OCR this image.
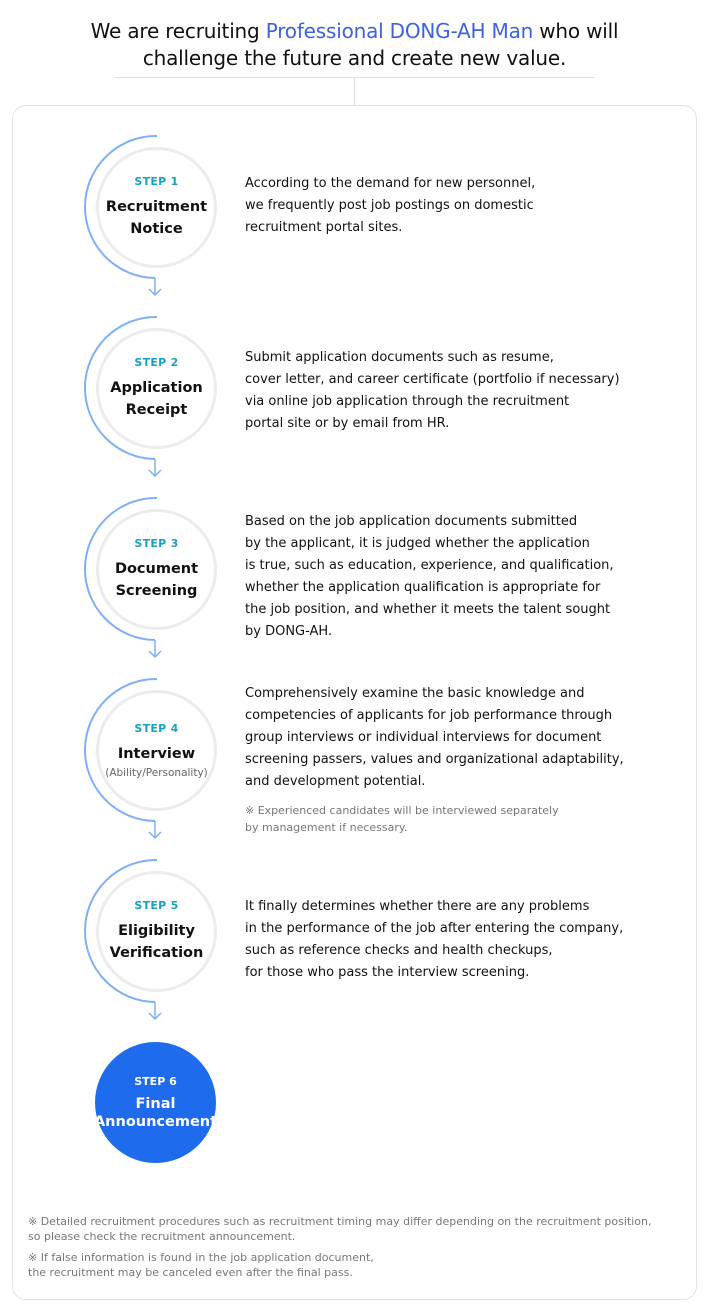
We are recruiting Professional DONG-AH Man who will
challenge the future and create new value.
STEP 1
Recruitment
Notice
According to the demand for new personnel,
we frequently post job postings on domestic
recruitment portal sites.
STEP 2
Application
Receipt
Submit application documents such as resume,
cover letter, and career certificate (portfolio if necessary)
via online job application through the recruitment
portal site or by email from HR.
STEP 3
Document
Screening
Based on the job application documents submitted
by the applicant, it is judged whether the application
is true, such as education, experience, and qualification,
whether the application qualification is appropriate for
the job position, and whether it meets the talent sought
by DONG-AH.
STEP 4
Interview
(Ability/Personality)
Comprehensively examine the basic knowledge and
competencies of applicants for job performance through
group interviews or individual interviews for document
screening passers, values and organizational adaptability,
and development potential.
※ Experienced candidates will be interviewed separately
by management if necessary.
STEP 5
Eligibility
Verification
It finally determines whether there are any problems
in the performance of the job after entering the company,
such as reference checks and health checkups,
for those who pass the interview screening.
STEP 6
Final
Announcement
※ Detailed recruitment procedures such as recruitment timing may differ depending on the recruitment position,
so please check the recruitment announcement.
※ If false information is found in the job application document,
the recruitment may be canceled even after the final pass.
